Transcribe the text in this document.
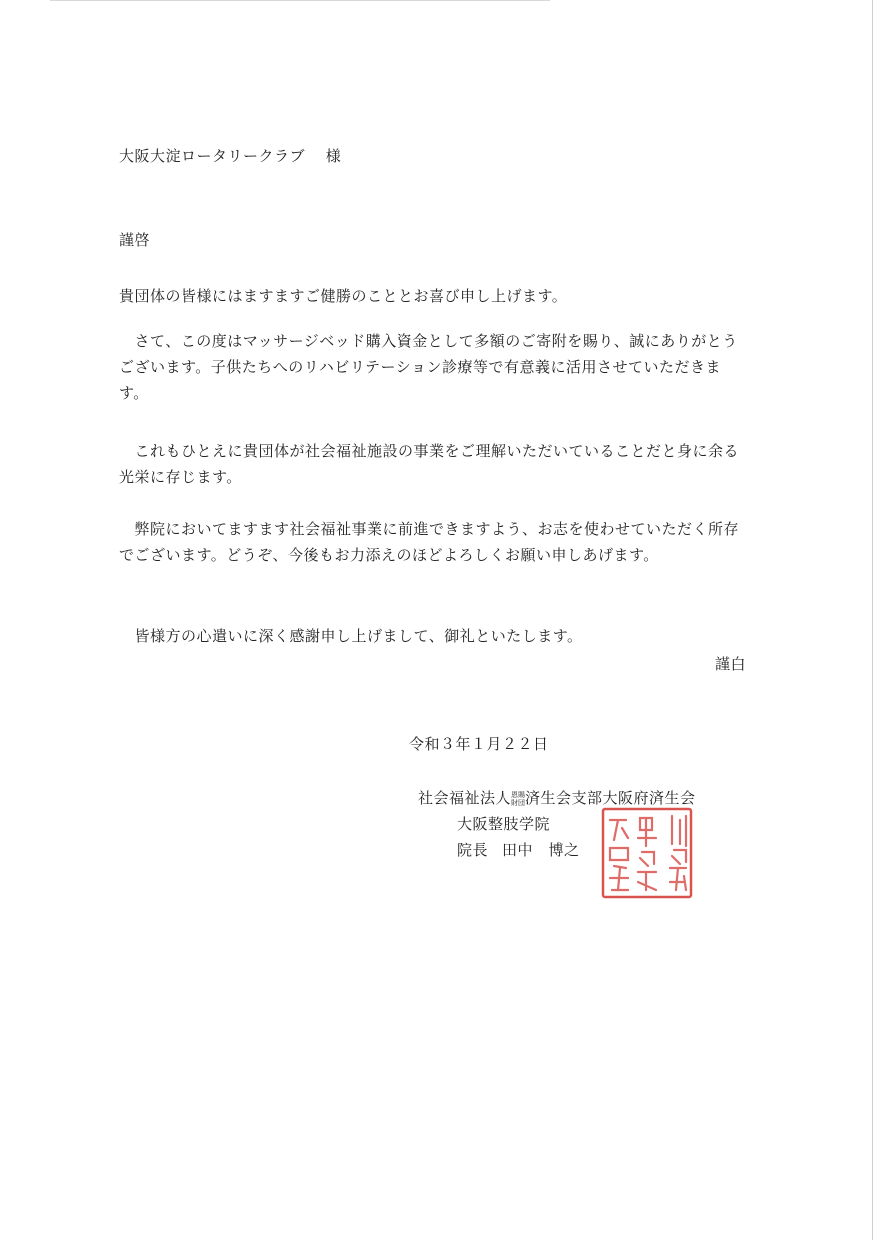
大阪大淀ロータリークラブ　 様
謹啓
貴団体の皆様にはますますご健勝のこととお喜び申し上げます。
　さて、この度はマッサージベッド購入資金として多額のご寄附を賜り、誠にありがとうございます。子供たちへのリハビリテーション診療等で有意義に活用させていただきます。
　これもひとえに貴団体が社会福祉施設の事業をご理解いただいていることだと身に余る光栄に存じます。
　弊院においてますます社会福祉事業に前進できますよう、お志を使わせていただく所存でございます。どうぞ、今後もお力添えのほどよろしくお願い申しあげます。
　皆様方の心遣いに深く感謝申し上げまして、御礼といたします。
謹白
令和３年１月２２日
社会福祉法人恩賜
財団済生会支部大阪府済生会
大阪整肢学院
院長 田中　博之
